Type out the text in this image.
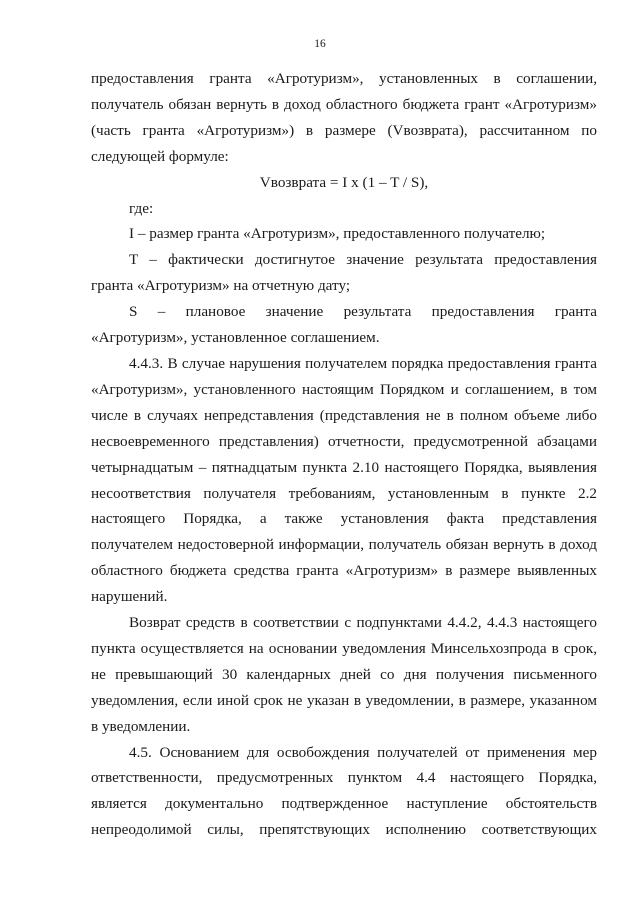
16

предоставления гранта «Агротуризм», установленных в соглашении, получатель обязан вернуть в доход областного бюджета грант «Агротуризм» (часть гранта «Агротуризм») в размере (Vвозврата), рассчитанном по следующей формуле:

Vвозврата = I x (1 – T / S),

где:

I – размер гранта «Агротуризм», предоставленного получателю;

T – фактически достигнутое значение результата предоставления гранта «Агротуризм» на отчетную дату;

S – плановое значение результата предоставления гранта «Агротуризм», установленное соглашением.

4.4.3. В случае нарушения получателем порядка предоставления гранта «Агротуризм», установленного настоящим Порядком и соглашением, в том числе в случаях непредставления (представления не в полном объеме либо несвоевременного представления) отчетности, предусмотренной абзацами четырнадцатым – пятнадцатым пункта 2.10 настоящего Порядка, выявления несоответствия получателя требованиям, установленным в пункте 2.2 настоящего Порядка, а также установления факта представления получателем недостоверной информации, получатель обязан вернуть в доход областного бюджета средства гранта «Агротуризм» в размере выявленных нарушений.

Возврат средств в соответствии с подпунктами 4.4.2, 4.4.3 настоящего пункта осуществляется на основании уведомления Минсельхозпрода в срок, не превышающий 30 календарных дней со дня получения письменного уведомления, если иной срок не указан в уведомлении, в размере, указанном в уведомлении.

4.5. Основанием для освобождения получателей от применения мер ответственности, предусмотренных пунктом 4.4 настоящего Порядка, является документально подтвержденное наступление обстоятельств непреодолимой силы, препятствующих исполнению соответствующих
